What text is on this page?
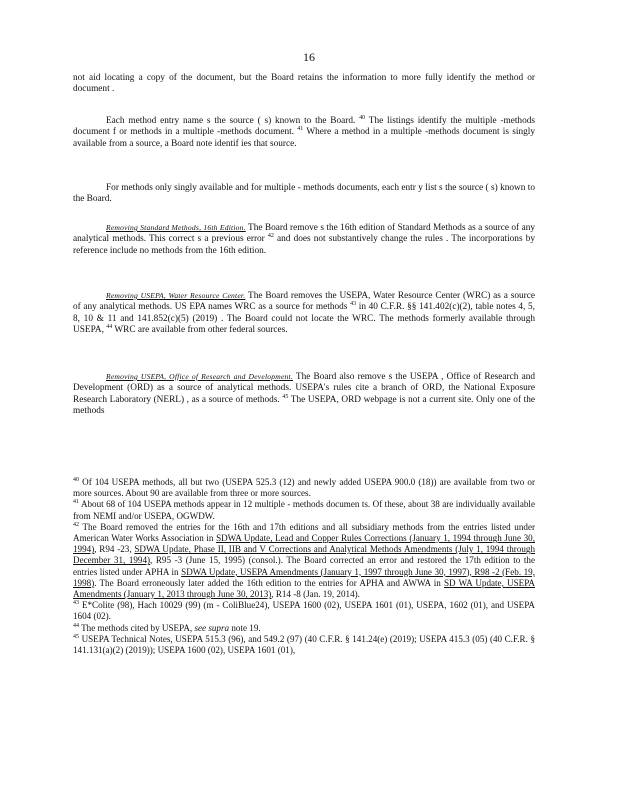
16

not aid locating a copy of the document, but the Board retains the information to more fully identify the method or document .

Each method entry name s the source ( s) known to the Board. $^{40}$ The listings identify the multiple -methods document f or methods in a multiple -methods document. $^{41}$ Where a method in a multiple -methods document is singly available from a source, a Board note identif ies that source.

For methods only singly available and for multiple - methods documents, each entr y list s the source ( s) known to the Board.

Removing Standard Methods, 16th Edition. The Board remove s the 16th edition of Standard Methods as a source of any analytical methods. This correct s a previous error $^{42}$ and does not substantively change the rules . The incorporations by reference include no methods from the 16th edition.

Removing USEPA, Water Resource Center. The Board removes the USEPA, Water Resource Center (WRC) as a source of any analytical methods. US EPA names WRC as a source for methods $^{43}$ in 40 C.F.R. §§ 141.402(c)(2), table notes 4, 5, 8, 10 & 11 and 141.852(c)(5) (2019) . The Board could not locate the WRC. The methods formerly available through USEPA, $^{44}$ WRC are available from other federal sources.

Removing USEPA, Office of Research and Development. The Board also remove s the USEPA , Office of Research and Development (ORD) as a source of analytical methods. USEPA's rules cite a branch of ORD, the National Exposure Research Laboratory (NERL) , as a source of methods. $^{45}$ The USEPA, ORD webpage is not a current site. Only one of the methods

$^{40}$ Of 104 USEPA methods, all but two (USEPA 525.3 (12) and newly added USEPA 900.0 (18)) are available from two or more sources. About 90 are available from three or more sources.

$^{41}$ About 68 of 104 USEPA methods appear in 12 multiple - methods documen ts. Of these, about 38 are individually available from NEMI and/or USEPA, OGWDW.

$^{42}$ The Board removed the entries for the 16th and 17th editions and all subsidiary methods from the entries listed under American Water Works Association in SDWA Update, Lead and Copper Rules Corrections (January 1, 1994 through June 30, 1994), R94 -23, SDWA Update, Phase II, IIB and V Corrections and Analytical Methods Amendments (July 1, 1994 through December 31, 1994), R95 -3 (June 15, 1995) (consol.). The Board corrected an error and restored the 17th edition to the entries listed under APHA in SDWA Update, USEPA Amendments (January 1, 1997 through June 30, 1997), R98 -2 (Feb. 19, 1998). The Board erroneously later added the 16th edition to the entries for APHA and AWWA in SD WA Update, USEPA Amendments (January 1, 2013 through June 30, 2013), R14 -8 (Jan. 19, 2014).

$^{43}$ E*Colite (98), Hach 10029 (99) (m - ColiBlue24), USEPA 1600 (02), USEPA 1601 (01), USEPA, 1602 (01), and USEPA 1604 (02).

$^{44}$ The methods cited by USEPA, see supra note 19.

$^{45}$ USEPA Technical Notes, USEPA 515.3 (96), and 549.2 (97) (40 C.F.R. § 141.24(e) (2019); USEPA 415.3 (05) (40 C.F.R. § 141.131(a)(2) (2019)); USEPA 1600 (02), USEPA 1601 (01),
